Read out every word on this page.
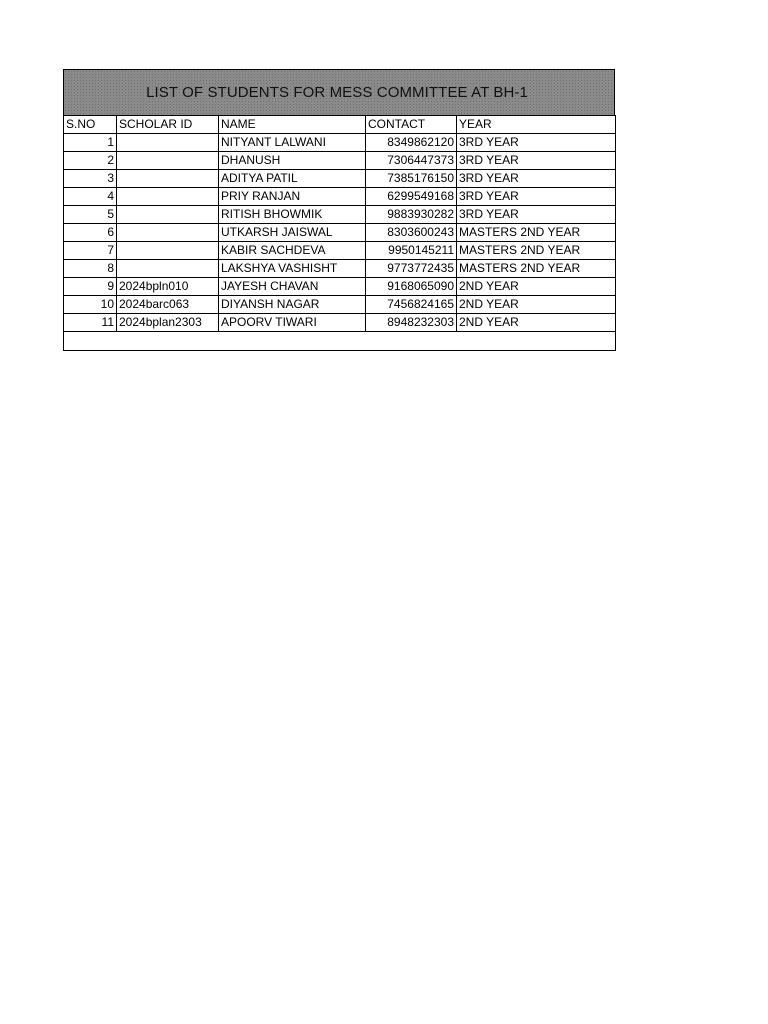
LIST OF STUDENTS FOR MESS COMMITTEE AT BH-1
S.NO	SCHOLAR ID	NAME	CONTACT	YEAR
1		NITYANT LALWANI	8349862120	3RD YEAR
2		DHANUSH	7306447373	3RD YEAR
3		ADITYA PATIL	7385176150	3RD YEAR
4		PRIY RANJAN	6299549168	3RD YEAR
5		RITISH BHOWMIK	9883930282	3RD YEAR
6		UTKARSH JAISWAL	8303600243	MASTERS 2ND YEAR
7		KABIR SACHDEVA	9950145211	MASTERS 2ND YEAR
8		LAKSHYA VASHISHT	9773772435	MASTERS 2ND YEAR
9	2024bpln010	JAYESH CHAVAN	9168065090	2ND YEAR
10	2024barc063	DIYANSH NAGAR	7456824165	2ND YEAR
11	2024bplan2303	APOORV TIWARI	8948232303	2ND YEAR
